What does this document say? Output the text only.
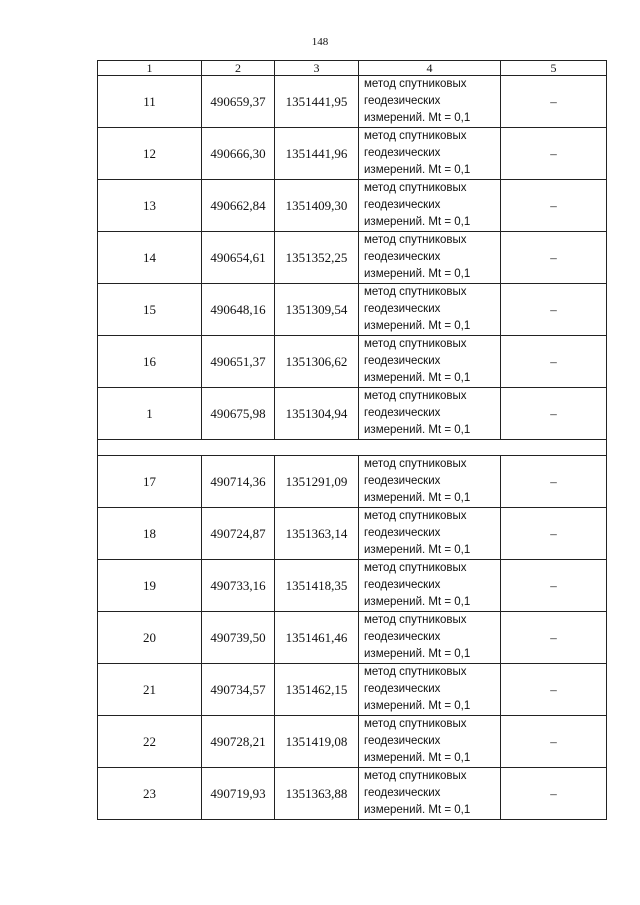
148
1	2	3	4	5
11	490659,37	1351441,95	метод спутниковых
геодезических
измерений. Mt = 0,1	–
12	490666,30	1351441,96	метод спутниковых
геодезических
измерений. Mt = 0,1	–
13	490662,84	1351409,30	метод спутниковых
геодезических
измерений. Mt = 0,1	–
14	490654,61	1351352,25	метод спутниковых
геодезических
измерений. Mt = 0,1	–
15	490648,16	1351309,54	метод спутниковых
геодезических
измерений. Mt = 0,1	–
16	490651,37	1351306,62	метод спутниковых
геодезических
измерений. Mt = 0,1	–
1	490675,98	1351304,94	метод спутниковых
геодезических
измерений. Mt = 0,1	–

17	490714,36	1351291,09	метод спутниковых
геодезических
измерений. Mt = 0,1	–
18	490724,87	1351363,14	метод спутниковых
геодезических
измерений. Mt = 0,1	–
19	490733,16	1351418,35	метод спутниковых
геодезических
измерений. Mt = 0,1	–
20	490739,50	1351461,46	метод спутниковых
геодезических
измерений. Mt = 0,1	–
21	490734,57	1351462,15	метод спутниковых
геодезических
измерений. Mt = 0,1	–
22	490728,21	1351419,08	метод спутниковых
геодезических
измерений. Mt = 0,1	–
23	490719,93	1351363,88	метод спутниковых
геодезических
измерений. Mt = 0,1	–
